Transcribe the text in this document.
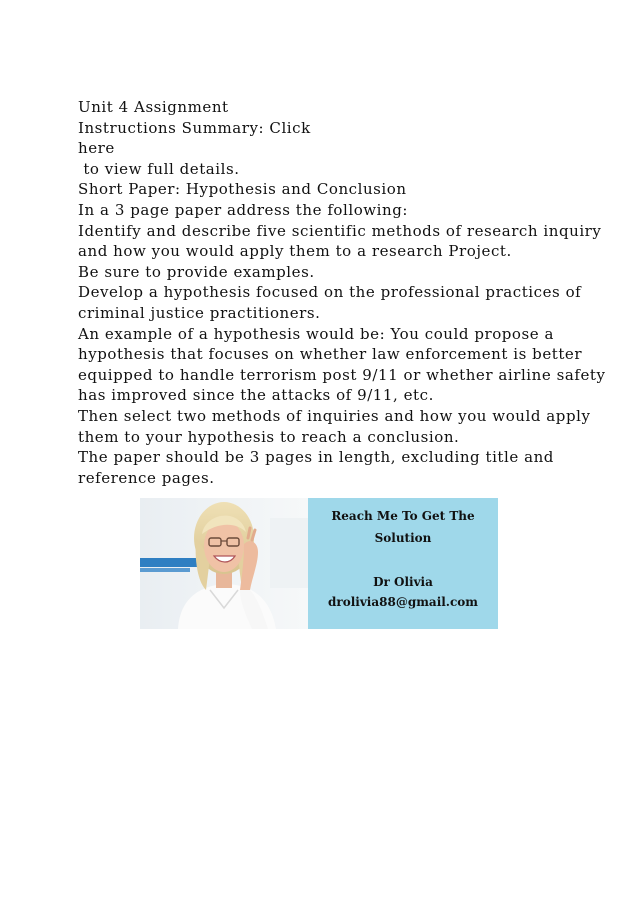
Unit 4 Assignment
Instructions Summary: Click
here
to view full details.
Short Paper: Hypothesis and Conclusion
In a 3 page paper address the following:
Identify and describe five scientific methods of research inquiry
and how you would apply them to a research Project.
Be sure to provide examples.
Develop a hypothesis focused on the professional practices of
criminal justice practitioners.
An example of a hypothesis would be: You could propose a
hypothesis that focuses on whether law enforcement is better
equipped to handle terrorism post 9/11 or whether airline safety
has improved since the attacks of 9/11, etc.
Then select two methods of inquiries and how you would apply
them to your hypothesis to reach a conclusion.
The paper should be 3 pages in length, excluding title and
reference pages.
Reach Me To Get The
Solution
Dr Olivia
drolivia88@gmail.com
